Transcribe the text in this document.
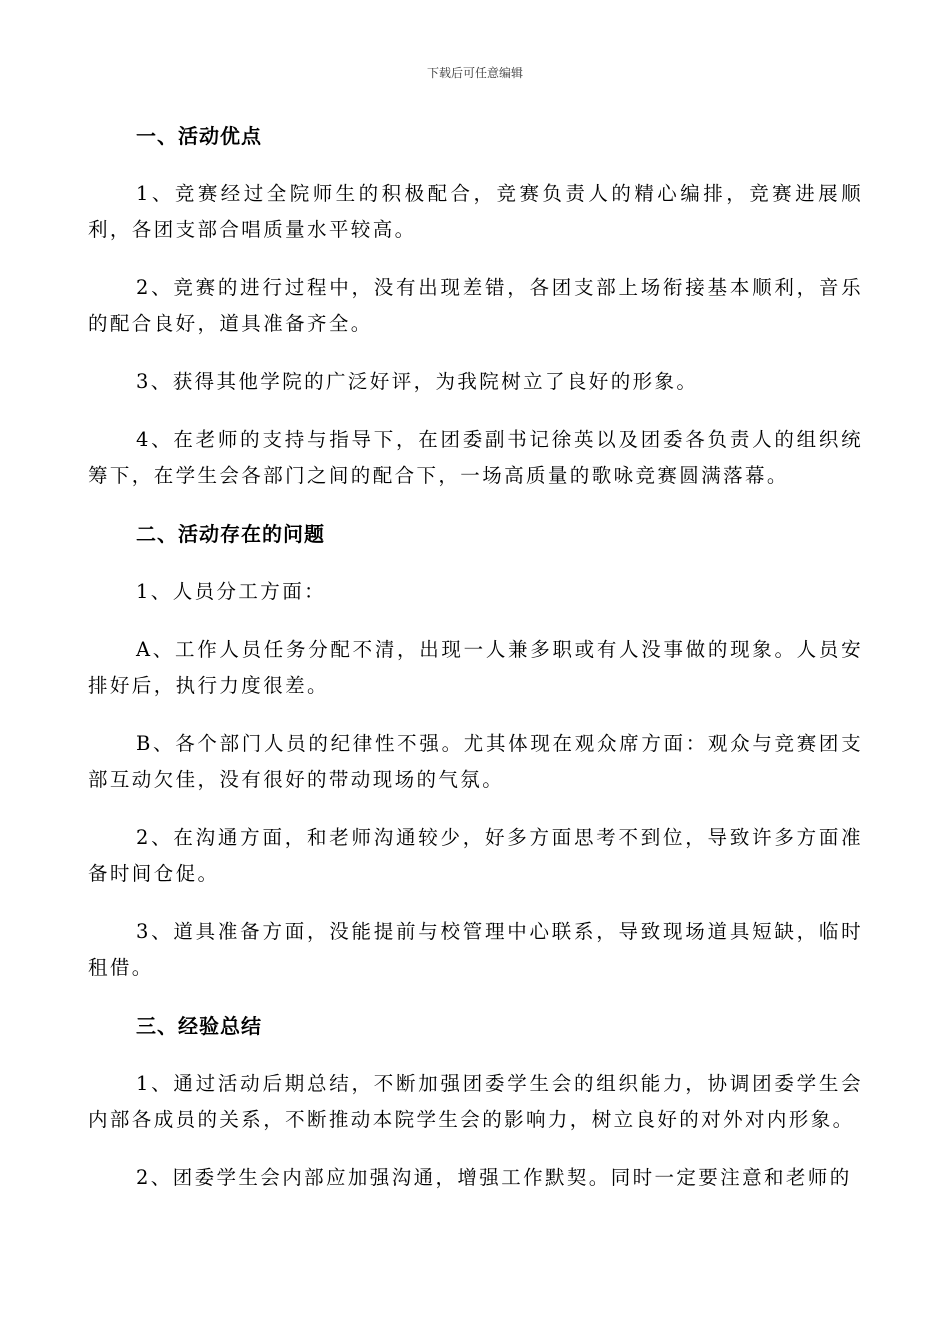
下载后可任意编辑
一、活动优点

1、竞赛经过全院师生的积极配合，竞赛负责人的精心编排，竞赛进展顺利，各团支部合唱质量水平较高。

2、竞赛的进行过程中，没有出现差错，各团支部上场衔接基本顺利，音乐的配合良好，道具准备齐全。

3、获得其他学院的广泛好评，为我院树立了良好的形象。

4、在老师的支持与指导下，在团委副书记徐英以及团委各负责人的组织统筹下，在学生会各部门之间的配合下，一场高质量的歌咏竞赛圆满落幕。

二、活动存在的问题

1、人员分工方面：

A、工作人员任务分配不清，出现一人兼多职或有人没事做的现象。人员安排好后，执行力度很差。

B、各个部门人员的纪律性不强。尤其体现在观众席方面：观众与竞赛团支部互动欠佳，没有很好的带动现场的气氛。

2、在沟通方面，和老师沟通较少，好多方面思考不到位，导致许多方面准备时间仓促。

3、道具准备方面，没能提前与校管理中心联系，导致现场道具短缺，临时租借。

三、经验总结

1、通过活动后期总结，不断加强团委学生会的组织能力，协调团委学生会内部各成员的关系，不断推动本院学生会的影响力，树立良好的对外对内形象。

2、团委学生会内部应加强沟通，增强工作默契。同时一定要注意和老师的
